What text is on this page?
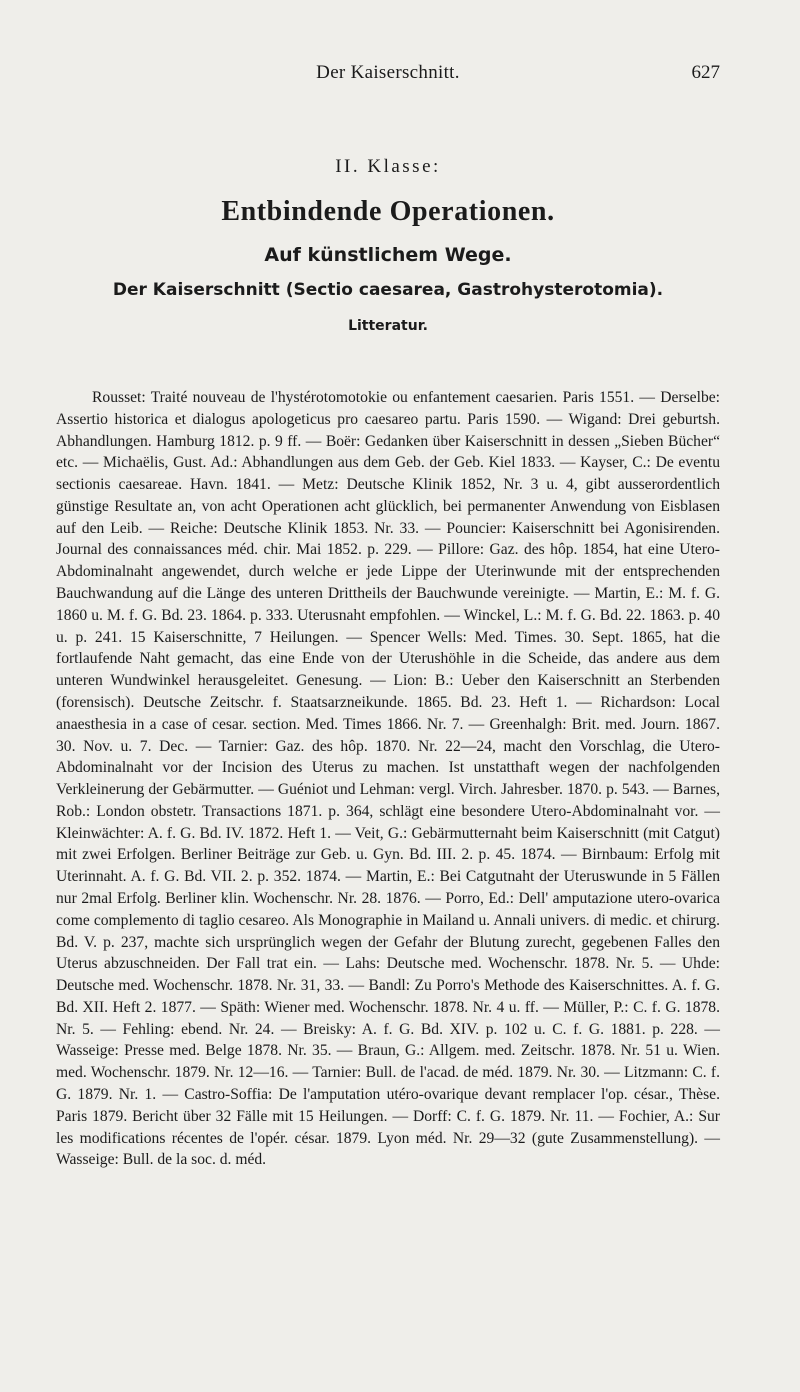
Der Kaiserschnitt.	627
II. Klasse:
Entbindende Operationen.
Auf künstlichem Wege.
Der Kaiserschnitt (Sectio caesarea, Gastrohysterotomia).
Litteratur.

Rousset: Traité nouveau de l'hystérotomotokie ou enfantement caesarien. Paris 1551. — Derselbe: Assertio historica et dialogus apologeticus pro caesareo partu. Paris 1590. — Wigand: Drei geburtsh. Abhandlungen. Hamburg 1812. p. 9 ff. — Boër: Gedanken über Kaiserschnitt in dessen „Sieben Bücher“ etc. — Michaëlis, Gust. Ad.: Abhandlungen aus dem Geb. der Geb. Kiel 1833. — Kayser, C.: De eventu sectionis caesareae. Havn. 1841. — Metz: Deutsche Klinik 1852, Nr. 3 u. 4, gibt ausserordentlich günstige Resultate an, von acht Operationen acht glücklich, bei permanenter Anwendung von Eisblasen auf den Leib. — Reiche: Deutsche Klinik 1853. Nr. 33. — Pouncier: Kaiserschnitt bei Agonisirenden. Journal des connaissances méd. chir. Mai 1852. p. 229. — Pillore: Gaz. des hôp. 1854, hat eine Utero-Abdominalnaht angewendet, durch welche er jede Lippe der Uterinwunde mit der entsprechenden Bauchwandung auf die Länge des unteren Drittheils der Bauchwunde vereinigte. — Martin, E.: M. f. G. 1860 u. M. f. G. Bd. 23. 1864. p. 333. Uterusnaht empfohlen. — Winckel, L.: M. f. G. Bd. 22. 1863. p. 40 u. p. 241. 15 Kaiserschnitte, 7 Heilungen. — Spencer Wells: Med. Times. 30. Sept. 1865, hat die fortlaufende Naht gemacht, das eine Ende von der Uterushöhle in die Scheide, das andere aus dem unteren Wundwinkel herausgeleitet. Genesung. — Lion: B.: Ueber den Kaiserschnitt an Sterbenden (forensisch). Deutsche Zeitschr. f. Staatsarzneikunde. 1865. Bd. 23. Heft 1. — Richardson: Local anaesthesia in a case of cesar. section. Med. Times 1866. Nr. 7. — Greenhalgh: Brit. med. Journ. 1867. 30. Nov. u. 7. Dec. — Tarnier: Gaz. des hôp. 1870. Nr. 22—24, macht den Vorschlag, die Utero-Abdominalnaht vor der Incision des Uterus zu machen. Ist unstatthaft wegen der nachfolgenden Verkleinerung der Gebärmutter. — Guéniot und Lehman: vergl. Virch. Jahresber. 1870. p. 543. — Barnes, Rob.: London obstetr. Transactions 1871. p. 364, schlägt eine besondere Utero-Abdominalnaht vor. — Kleinwächter: A. f. G. Bd. IV. 1872. Heft 1. — Veit, G.: Gebärmutternaht beim Kaiserschnitt (mit Catgut) mit zwei Erfolgen. Berliner Beiträge zur Geb. u. Gyn. Bd. III. 2. p. 45. 1874. — Birnbaum: Erfolg mit Uterinnaht. A. f. G. Bd. VII. 2. p. 352. 1874. — Martin, E.: Bei Catgutnaht der Uteruswunde in 5 Fällen nur 2mal Erfolg. Berliner klin. Wochenschr. Nr. 28. 1876. — Porro, Ed.: Dell' amputazione utero-ovarica come complemento di taglio cesareo. Als Monographie in Mailand u. Annali univers. di medic. et chirurg. Bd. V. p. 237, machte sich ursprünglich wegen der Gefahr der Blutung zurecht, gegebenen Falles den Uterus abzuschneiden. Der Fall trat ein. — Lahs: Deutsche med. Wochenschr. 1878. Nr. 5. — Uhde: Deutsche med. Wochenschr. 1878. Nr. 31, 33. — Bandl: Zu Porro's Methode des Kaiserschnittes. A. f. G. Bd. XII. Heft 2. 1877. — Späth: Wiener med. Wochenschr. 1878. Nr. 4 u. ff. — Müller, P.: C. f. G. 1878. Nr. 5. — Fehling: ebend. Nr. 24. — Breisky: A. f. G. Bd. XIV. p. 102 u. C. f. G. 1881. p. 228. — Wasseige: Presse med. Belge 1878. Nr. 35. — Braun, G.: Allgem. med. Zeitschr. 1878. Nr. 51 u. Wien. med. Wochenschr. 1879. Nr. 12—16. — Tarnier: Bull. de l'acad. de méd. 1879. Nr. 30. — Litzmann: C. f. G. 1879. Nr. 1. — Castro-Soffia: De l'amputation utéro-ovarique devant remplacer l'op. césar., Thèse. Paris 1879. Bericht über 32 Fälle mit 15 Heilungen. — Dorff: C. f. G. 1879. Nr. 11. — Fochier, A.: Sur les modifications récentes de l'opér. césar. 1879. Lyon méd. Nr. 29—32 (gute Zusammenstellung). — Wasseige: Bull. de la soc. d. méd.
